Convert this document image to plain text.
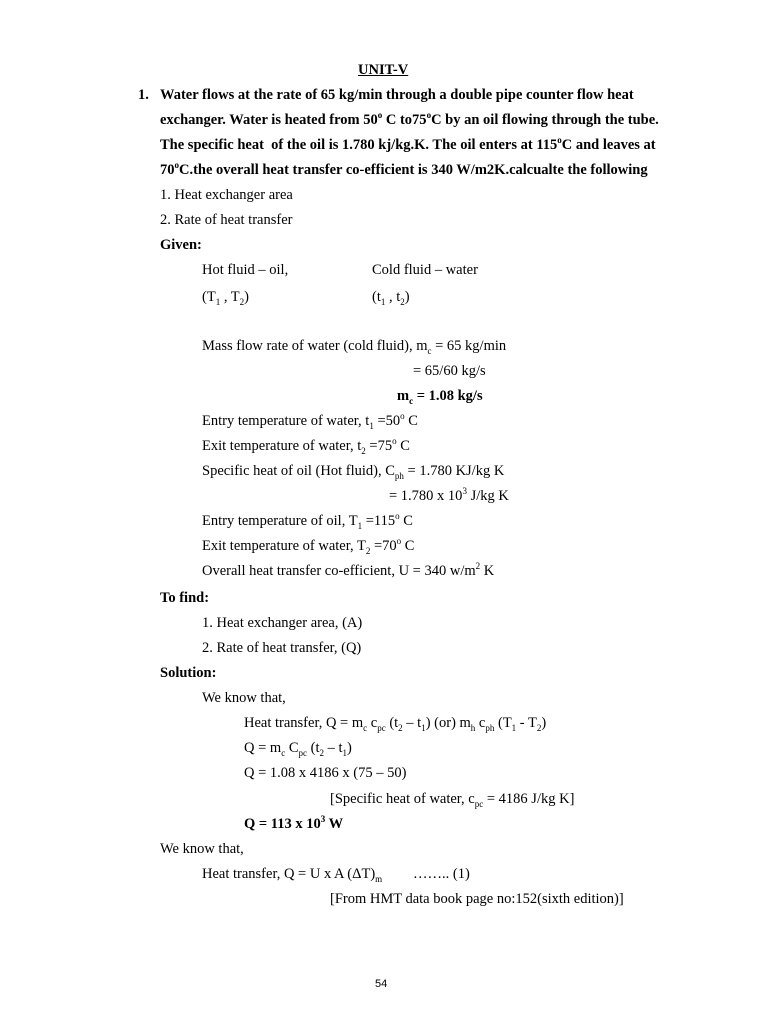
UNIT-V
1. Water flows at the rate of 65 kg/min through a double pipe counter flow heat
exchanger. Water is heated from 50$^o$ C to75$^o$C by an oil flowing through the tube.
The specific heat  of the oil is 1.780 kj/kg.K. The oil enters at 115$^o$C and leaves at
70$^o$C.the overall heat transfer co-efficient is 340 W/m2K.calcualte the following
1. Heat exchanger area
2. Rate of heat transfer
Given:
Hot fluid – oil,	Cold fluid – water
($T_1$ , $T_2$)	($t_1$ , $t_2$)
Mass flow rate of water (cold fluid), $m_c = 65$ kg/min
= 65/60 kg/s
$m_c = 1.08$ kg/s
Entry temperature of water, $t_1 =50^o$ C
Exit temperature of water, $t_2 =75^o$ C
Specific heat of oil (Hot fluid), $C_{ph} = 1.780$ KJ/kg K
= 1.780 x $10^3$ J/kg K
Entry temperature of oil, $T_1 =115^o$ C
Exit temperature of water, $T_2 =70^o$ C
Overall heat transfer co-efficient, U = 340 $w/m^2$ K
To find:
1. Heat exchanger area, (A)
2. Rate of heat transfer, (Q)
Solution:
We know that,
Heat transfer, $Q = m_c$ $c_{pc}$ $(t_2 - t_1)$ (or) $m_h$ $c_{ph}$ $(T_1 - T_2)$
$Q = m_c$ $C_{pc}$ $(t_2 - t_1)$
Q = 1.08 x 4186 x (75 – 50)
[Specific heat of water, $c_{pc} = 4186$ J/kg K]
Q = 113 x $10^3$ W
We know that,
Heat transfer, Q = U x A $(\Delta T)_m$ …….. (1)
[From HMT data book page no:152(sixth edition)]
54
